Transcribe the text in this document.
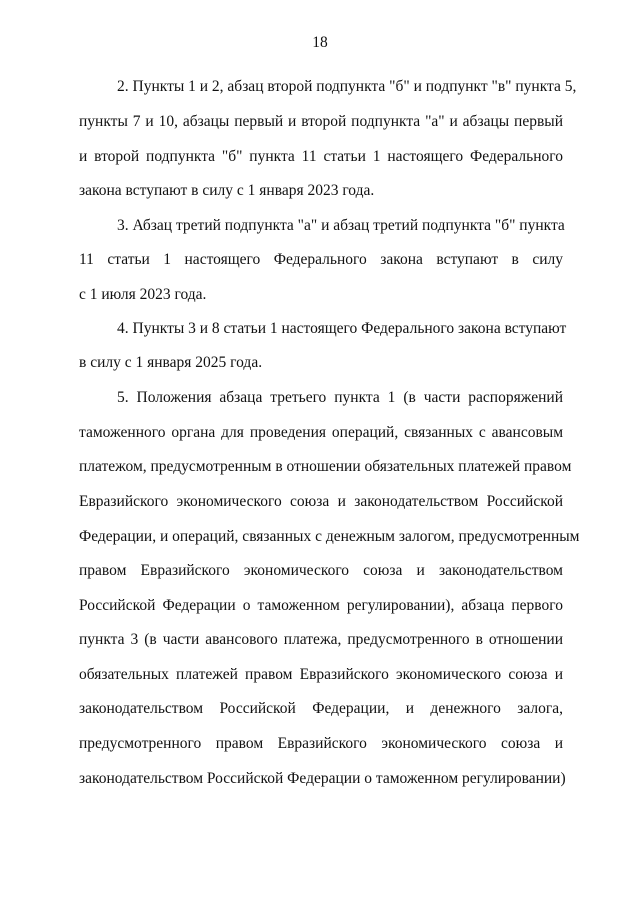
18
2. Пункты 1 и 2, абзац второй подпункта "б" и подпункт "в" пункта 5,
пункты 7 и 10, абзацы первый и второй подпункта "а" и абзацы первый
и второй подпункта "б" пункта 11 статьи 1 настоящего Федерального
закона вступают в силу с 1 января 2023 года.
3. Абзац третий подпункта "а" и абзац третий подпункта "б" пункта
11 статьи 1 настоящего Федерального закона вступают в силу
с 1 июля 2023 года.
4. Пункты 3 и 8 статьи 1 настоящего Федерального закона вступают
в силу с 1 января 2025 года.
5. Положения абзаца третьего пункта 1 (в части распоряжений
таможенного органа для проведения операций, связанных с авансовым
платежом, предусмотренным в отношении обязательных платежей правом
Евразийского экономического союза и законодательством Российской
Федерации, и операций, связанных с денежным залогом, предусмотренным
правом Евразийского экономического союза и законодательством
Российской Федерации о таможенном регулировании), абзаца первого
пункта 3 (в части авансового платежа, предусмотренного в отношении
обязательных платежей правом Евразийского экономического союза и
законодательством Российской Федерации, и денежного залога,
предусмотренного правом Евразийского экономического союза и
законодательством Российской Федерации о таможенном регулировании)
